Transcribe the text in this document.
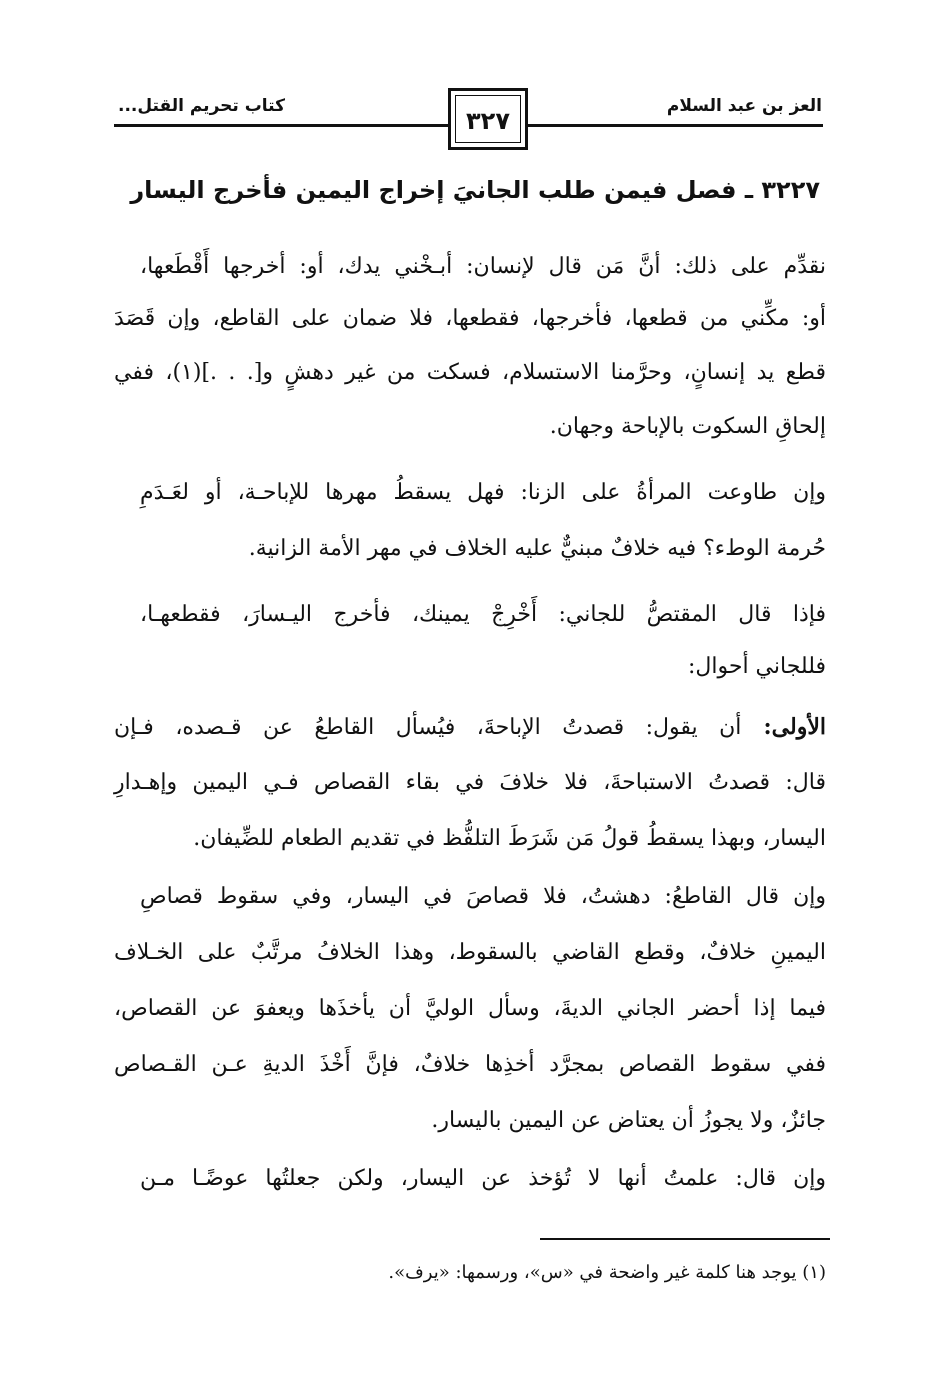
العز بن عبد السلام
كتاب تحريم القتل...
٣٢٧
٣٢٢٧ ـ فصل فيمن طلب الجانيَ إخراج اليمين فأخرج اليسار
نقدِّم على ذلك: أنَّ مَن قال لإنسان: أبـخْني يدك، أو: أخرجها أَقْطَعها،
أو: مكِّني من قطعها، فأخرجها، فقطعها، فلا ضمان على القاطع، وإن قَصَدَ
قطع يد إنسانٍ، وحرَّمنا الاستسلام، فسكت من غير دهشٍ و[. . .](١)، ففي
إلحاقِ السكوت بالإباحة وجهان.
وإن طاوعت المرأةُ على الزنا: فهل يسقطُ مهرها للإباحـة، أو لعَـدَمِ
حُرمة الوطء؟ فيه خلافٌ مبنيٌّ عليه الخلاف في مهر الأمة الزانية.
فإذا قال المقتصُّ للجاني: أَخْرِجْ يمينك، فأخرج اليـسارَ، فقطعهـا،
فللجاني أحوال:
الأولى: أن يقول: قصدتُ الإباحةَ، فيُسأل القاطعُ عن قـصده، فـإن
قال: قصدتُ الاستباحةَ، فلا خلافَ في بقاء القصاص فـي اليمين وإهـدارِ
اليسار، وبهذا يسقطُ قولُ مَن شَرَطَ التلفُّظ في تقديم الطعام للضِّيفان.
وإن قال القاطعُ: دهشتُ، فلا قصاصَ في اليسار، وفي سقوط قصاصِ
اليمينِ خلافٌ، وقطع القاضي بالسقوط، وهذا الخلافُ مرتَّبٌ على الخـلاف
فيما إذا أحضر الجاني الديةَ، وسأل الوليَّ أن يأخذَها ويعفوَ عن القصاص،
ففي سقوط القصاص بمجرَّد أخذِها خلافٌ، فإنَّ أَخْذَ الديةِ عـن القـصاص
جائزٌ، ولا يجوزُ أن يعتاض عن اليمين باليسار.
وإن قال: علمتُ أنها لا تُؤخذ عن اليسار، ولكن جعلتُها عوضًـا مـن
(١) يوجد هنا كلمة غير واضحة في «س»، ورسمها: «يرف».
